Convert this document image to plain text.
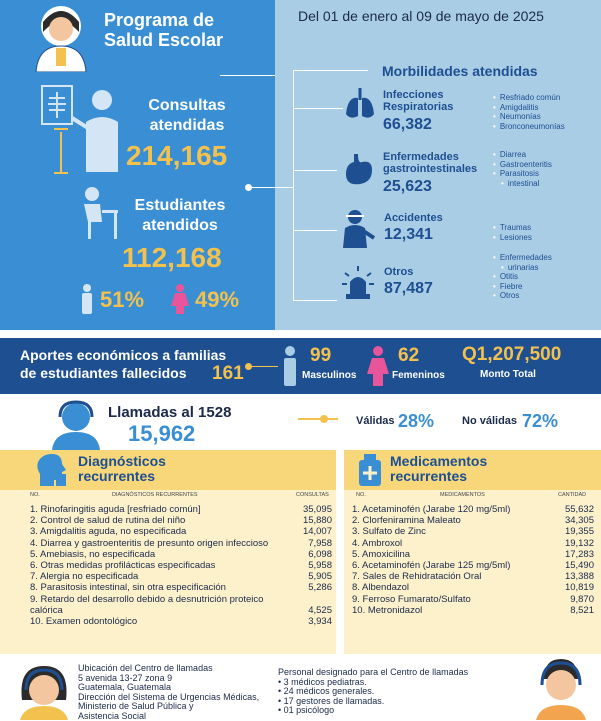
Programa de
Salud Escolar
Del 01 de enero al 09 de mayo de 2025
Consultas
atendidas
214,165
Estudiantes
atendidos
112,168
51% 49%
Morbilidades atendidas
Infecciones
Respiratorias
66,382
• Resfriado común
• Amigdalitis
• Neumonías
• Bronconeumonías
Enfermedades
gastrointestinales
25,623
• Diarrea
• Gastroenteritis
• Parasitosis
• intestinal
Accidentes
12,341
•	Traumas
• Lesiones
Otros
87,487
• Enfermedades
• urinarias
• Otitis
• Fiebre
• Otros
Aportes económicos a familias
de estudiantes fallecidos	161
99
Masculinos
62
Femeninos
Q1,207,500
Monto Total
Llamadas al 1528
15,962	Válidas 28%	No válidas 72%
Diagnósticos
recurrentes
NO.	DIAGNÓSTICOS RECURRENTES	CONSULTAS
1. Rinofaringitis aguda [resfriado común]	35,095
2. Control de salud de rutina del niño	15,880
3. Amigdalitis aguda, no especificada	14,007
4. Diarrea y gastroenteritis de presunto origen infeccioso	7,958
5. Amebiasis, no especificada	6,098
6. Otras medidas profilácticas especificadas	5,958
7. Alergia no especificada	5,905
8. Parasitosis intestinal, sin otra especificación	5,286
9. Retardo del desarrollo debido a desnutrición proteico calórica	4,525
10. Examen odontológico	3,934
Medicamentos
recurrentes
NO.	MEDICAMENTOS	CANTIDAD
1. Acetaminofén (Jarabe 120 mg/5ml)	55,632
2. Clorfeniramina Maleato	34,305
3. Sulfato de Zinc	19,355
4. Ambroxol	19,132
5. Amoxicilina	17,283
6. Acetaminofén (Jarabe 125 mg/5ml)	15,490
7. Sales de Rehidratación Oral	13,388
8. Albendazol	10,819
9. Ferroso Fumarato/Sulfato	9,870
10. Metronidazol	8,521
Ubicación del Centro de llamadas
5 avenida 13-27 zona 9
Guatemala, Guatemala
Dirección del Sistema de Urgencias Médicas,
Ministerio de Salud Pública y
Asistencia Social
Personal designado para el Centro de llamadas
• 3 médicos pediatras.
• 24 médicos generales.
• 17 gestores de llamadas.
• 01 psicólogo
